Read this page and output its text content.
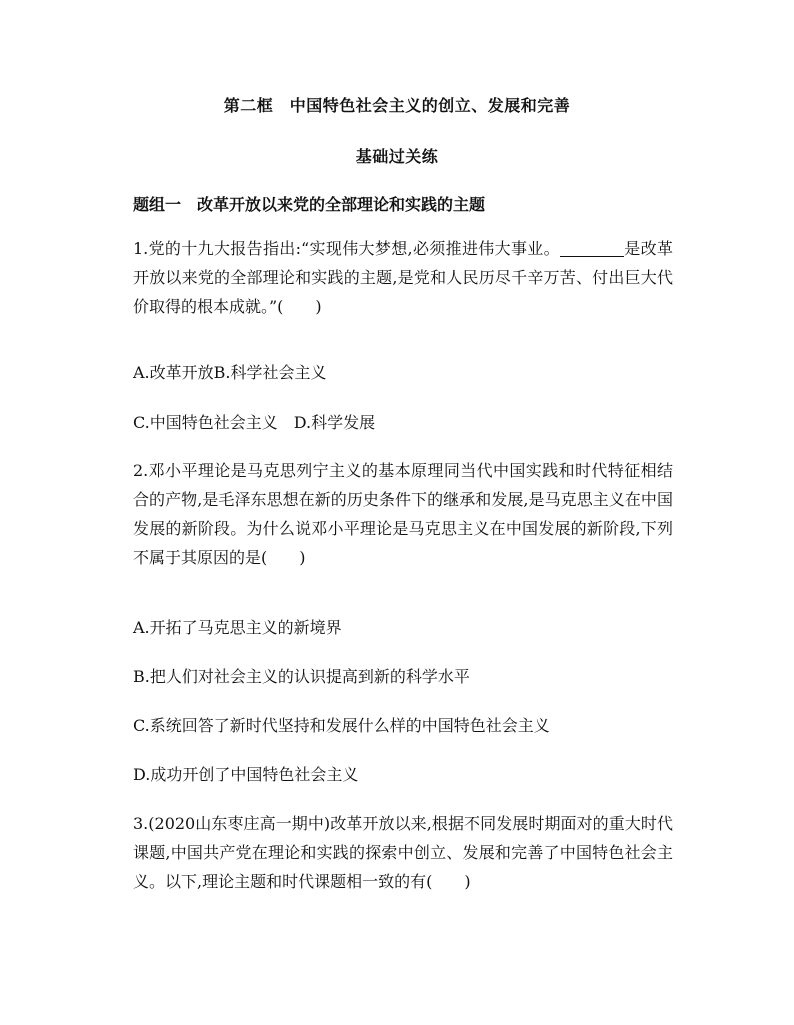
第二框　中国特色社会主义的创立、发展和完善
基础过关练
题组一　改革开放以来党的全部理论和实践的主题
1.党的十九大报告指出:“实现伟大梦想,必须推进伟大事业。	是改革开放以来党的全部理论和实践的主题,是党和人民历尽千辛万苦、付出巨大代价取得的根本成就。”(　　)
A.改革开放B.科学社会主义
C.中国特色社会主义　D.科学发展
2.邓小平理论是马克思列宁主义的基本原理同当代中国实践和时代特征相结合的产物,是毛泽东思想在新的历史条件下的继承和发展,是马克思主义在中国发展的新阶段。为什么说邓小平理论是马克思主义在中国发展的新阶段,下列不属于其原因的是(　　)
A.开拓了马克思主义的新境界
B.把人们对社会主义的认识提高到新的科学水平
C.系统回答了新时代坚持和发展什么样的中国特色社会主义
D.成功开创了中国特色社会主义
3.(2020山东枣庄高一期中)改革开放以来,根据不同发展时期面对的重大时代课题,中国共产党在理论和实践的探索中创立、发展和完善了中国特色社会主义。以下,理论主题和时代课题相一致的有(　　)
